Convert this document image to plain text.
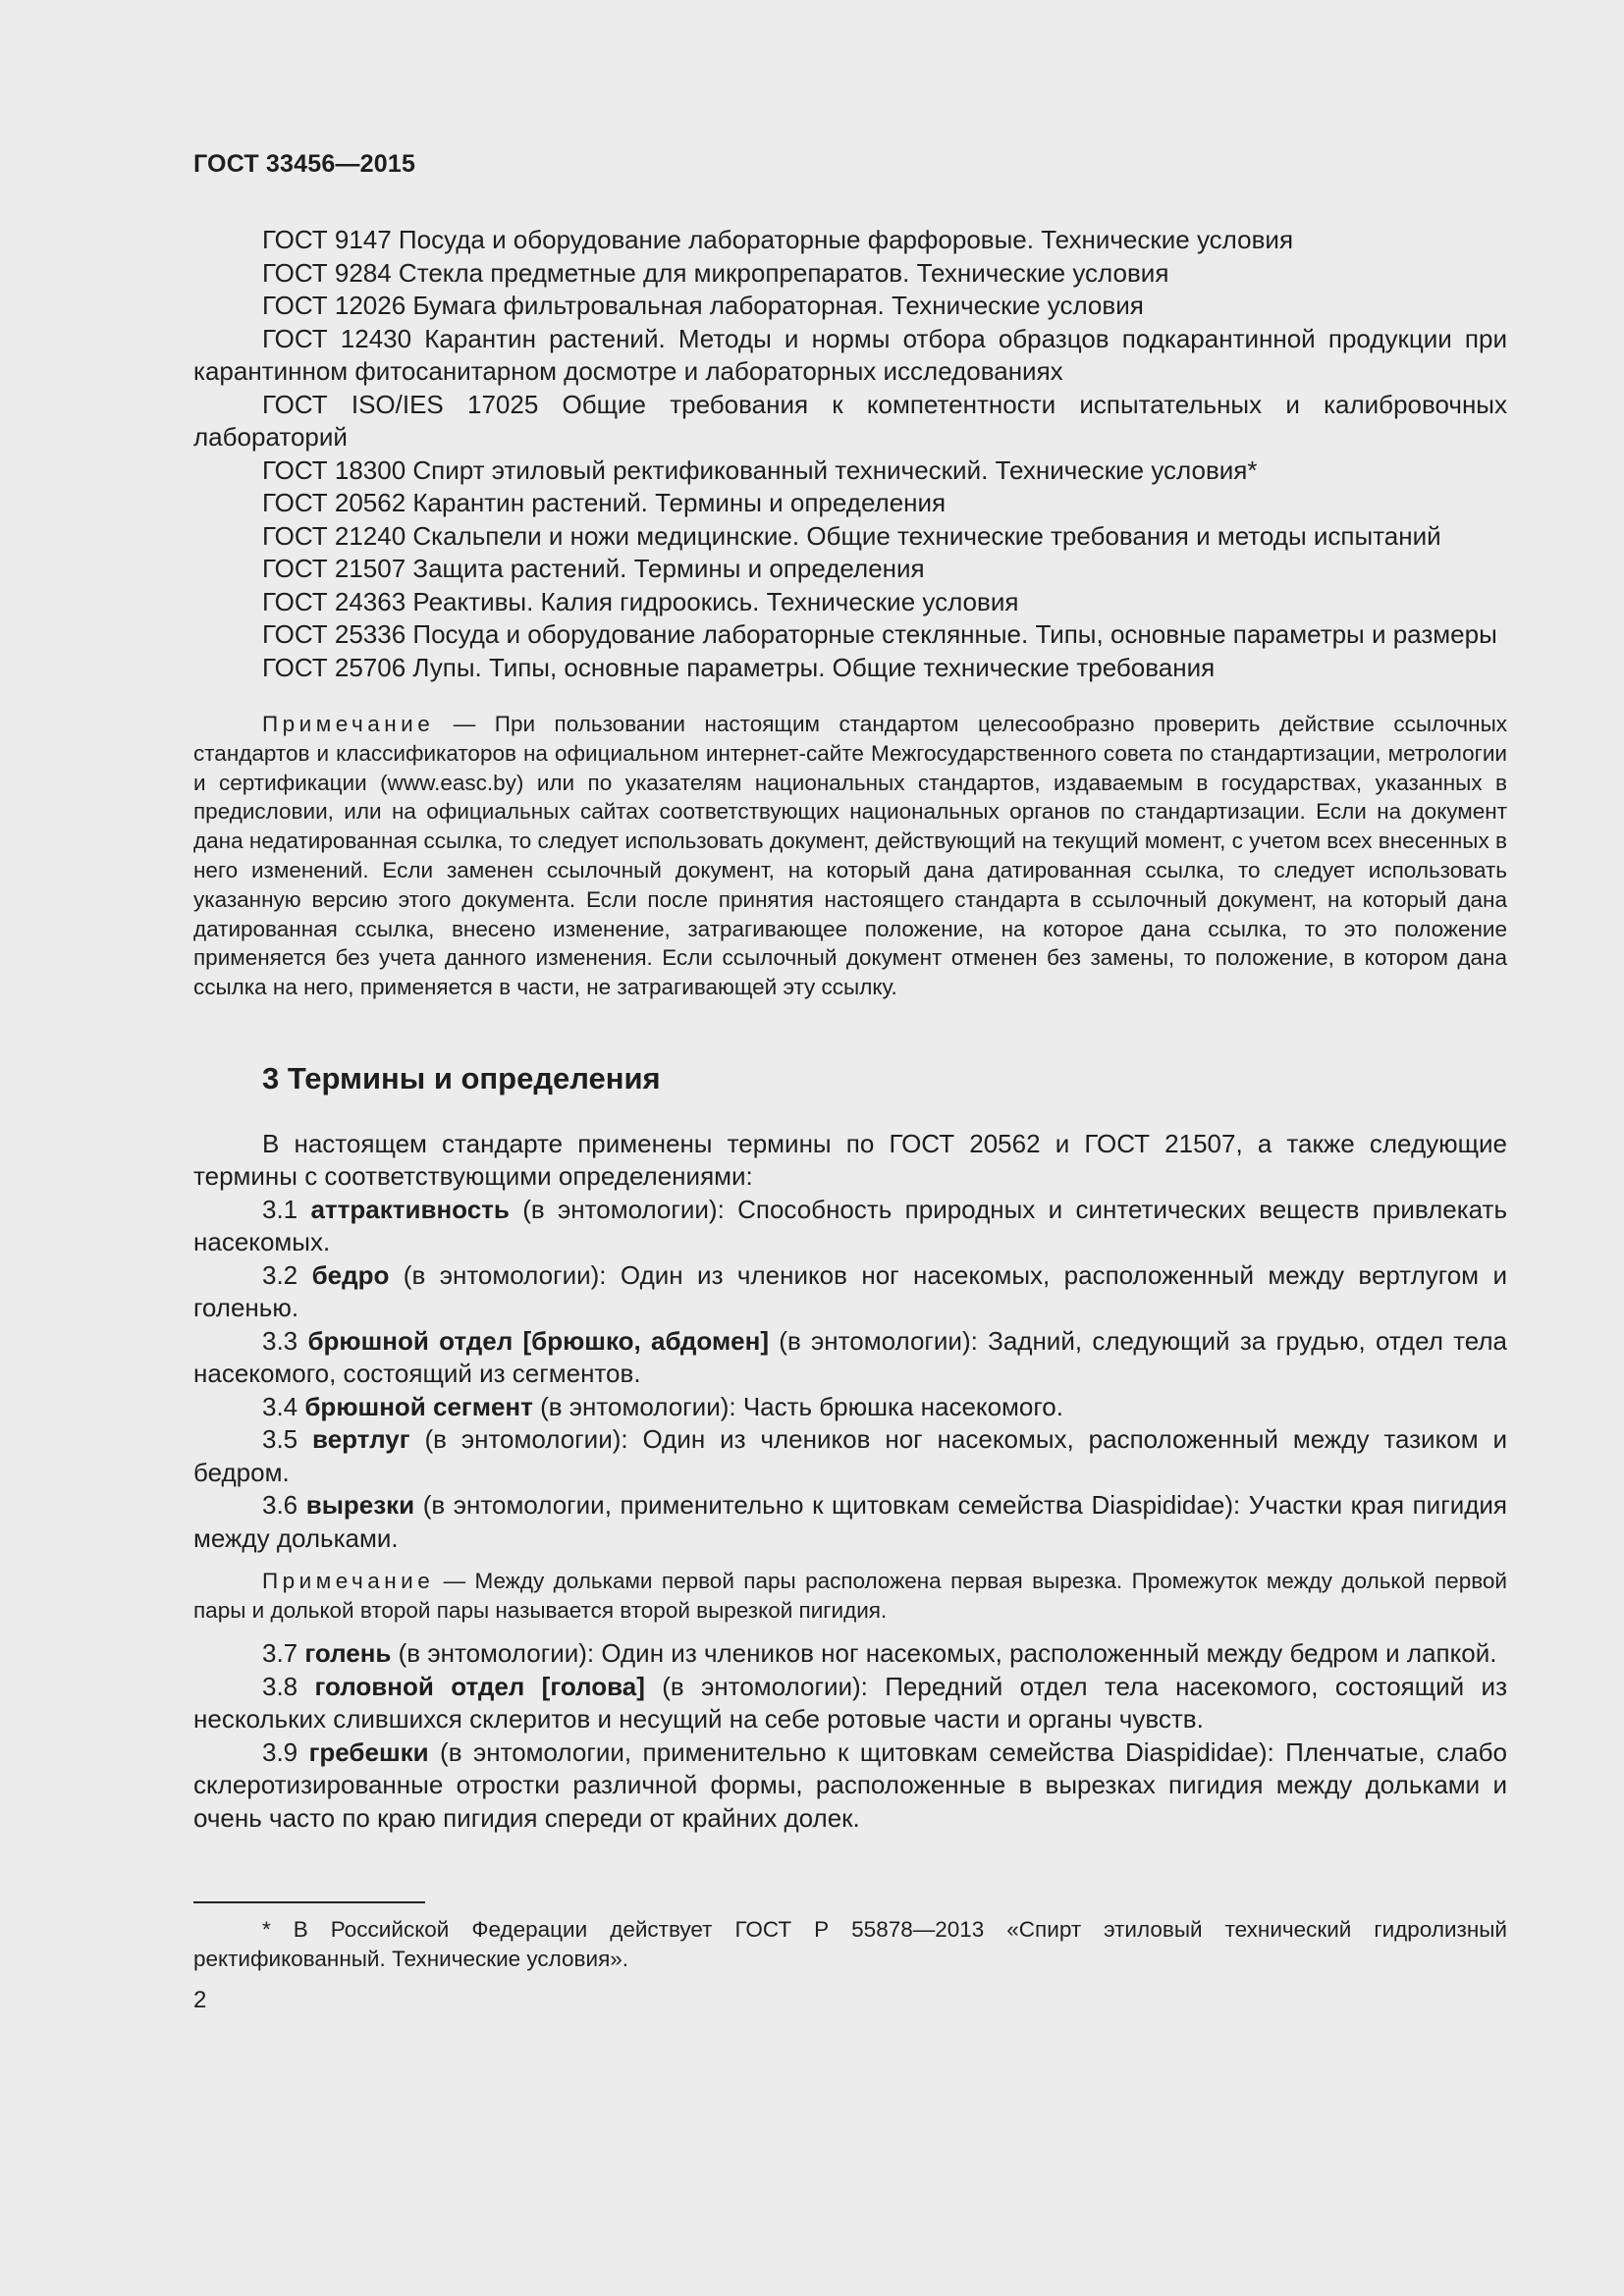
ГОСТ 33456—2015

ГОСТ 9147 Посуда и оборудование лабораторные фарфоровые. Технические условия

ГОСТ 9284 Стекла предметные для микропрепаратов. Технические условия

ГОСТ 12026 Бумага фильтровальная лабораторная. Технические условия

ГОСТ 12430 Карантин растений. Методы и нормы отбора образцов подкарантинной продукции при карантинном фитосанитарном досмотре и лабораторных исследованиях

ГОСТ ISO/IES 17025 Общие требования к компетентности испытательных и калибровочных лабораторий

ГОСТ 18300 Спирт этиловый ректификованный технический. Технические условия*

ГОСТ 20562 Карантин растений. Термины и определения

ГОСТ 21240 Скальпели и ножи медицинские. Общие технические требования и методы испытаний

ГОСТ 21507 Защита растений. Термины и определения

ГОСТ 24363 Реактивы. Калия гидроокись. Технические условия

ГОСТ 25336 Посуда и оборудование лабораторные стеклянные. Типы, основные параметры и размеры

ГОСТ 25706 Лупы. Типы, основные параметры. Общие технические требования

Примечание — При пользовании настоящим стандартом целесообразно проверить действие ссылочных стандартов и классификаторов на официальном интернет-сайте Межгосударственного совета по стандартизации, метрологии и сертификации (www.easc.by) или по указателям национальных стандартов, издаваемым в государствах, указанных в предисловии, или на официальных сайтах соответствующих национальных органов по стандартизации. Если на документ дана недатированная ссылка, то следует использовать документ, действующий на текущий момент, с учетом всех внесенных в него изменений. Если заменен ссылочный документ, на который дана датированная ссылка, то следует использовать указанную версию этого документа. Если после принятия настоящего стандарта в ссылочный документ, на который дана датированная ссылка, внесено изменение, затрагивающее положение, на которое дана ссылка, то это положение применяется без учета данного изменения. Если ссылочный документ отменен без замены, то положение, в котором дана ссылка на него, применяется в части, не затрагивающей эту ссылку.

3 Термины и определения

В настоящем стандарте применены термины по ГОСТ 20562 и ГОСТ 21507, а также следующие термины с соответствующими определениями:

3.1 аттрактивность (в энтомологии): Способность природных и синтетических веществ привлекать насекомых.

3.2 бедро (в энтомологии): Один из члеников ног насекомых, расположенный между вертлугом и голенью.

3.3 брюшной отдел [брюшко, абдомен] (в энтомологии): Задний, следующий за грудью, отдел тела насекомого, состоящий из сегментов.

3.4 брюшной сегмент (в энтомологии): Часть брюшка насекомого.

3.5 вертлуг (в энтомологии): Один из члеников ног насекомых, расположенный между тазиком и бедром.

3.6 вырезки (в энтомологии, применительно к щитовкам семейства Diaspididae): Участки края пигидия между дольками.

Примечание — Между дольками первой пары расположена первая вырезка. Промежуток между долькой первой пары и долькой второй пары называется второй вырезкой пигидия.

3.7 голень (в энтомологии): Один из члеников ног насекомых, расположенный между бедром и лапкой.

3.8 головной отдел [голова] (в энтомологии): Передний отдел тела насекомого, состоящий из нескольких слившихся склеритов и несущий на себе ротовые части и органы чувств.

3.9 гребешки (в энтомологии, применительно к щитовкам семейства Diaspididae): Пленчатые, слабо склеротизированные отростки различной формы, расположенные в вырезках пигидия между дольками и очень часто по краю пигидия спереди от крайних долек.

* В Российской Федерации действует ГОСТ Р 55878—2013 «Спирт этиловый технический гидролизный ректификованный. Технические условия».

2
